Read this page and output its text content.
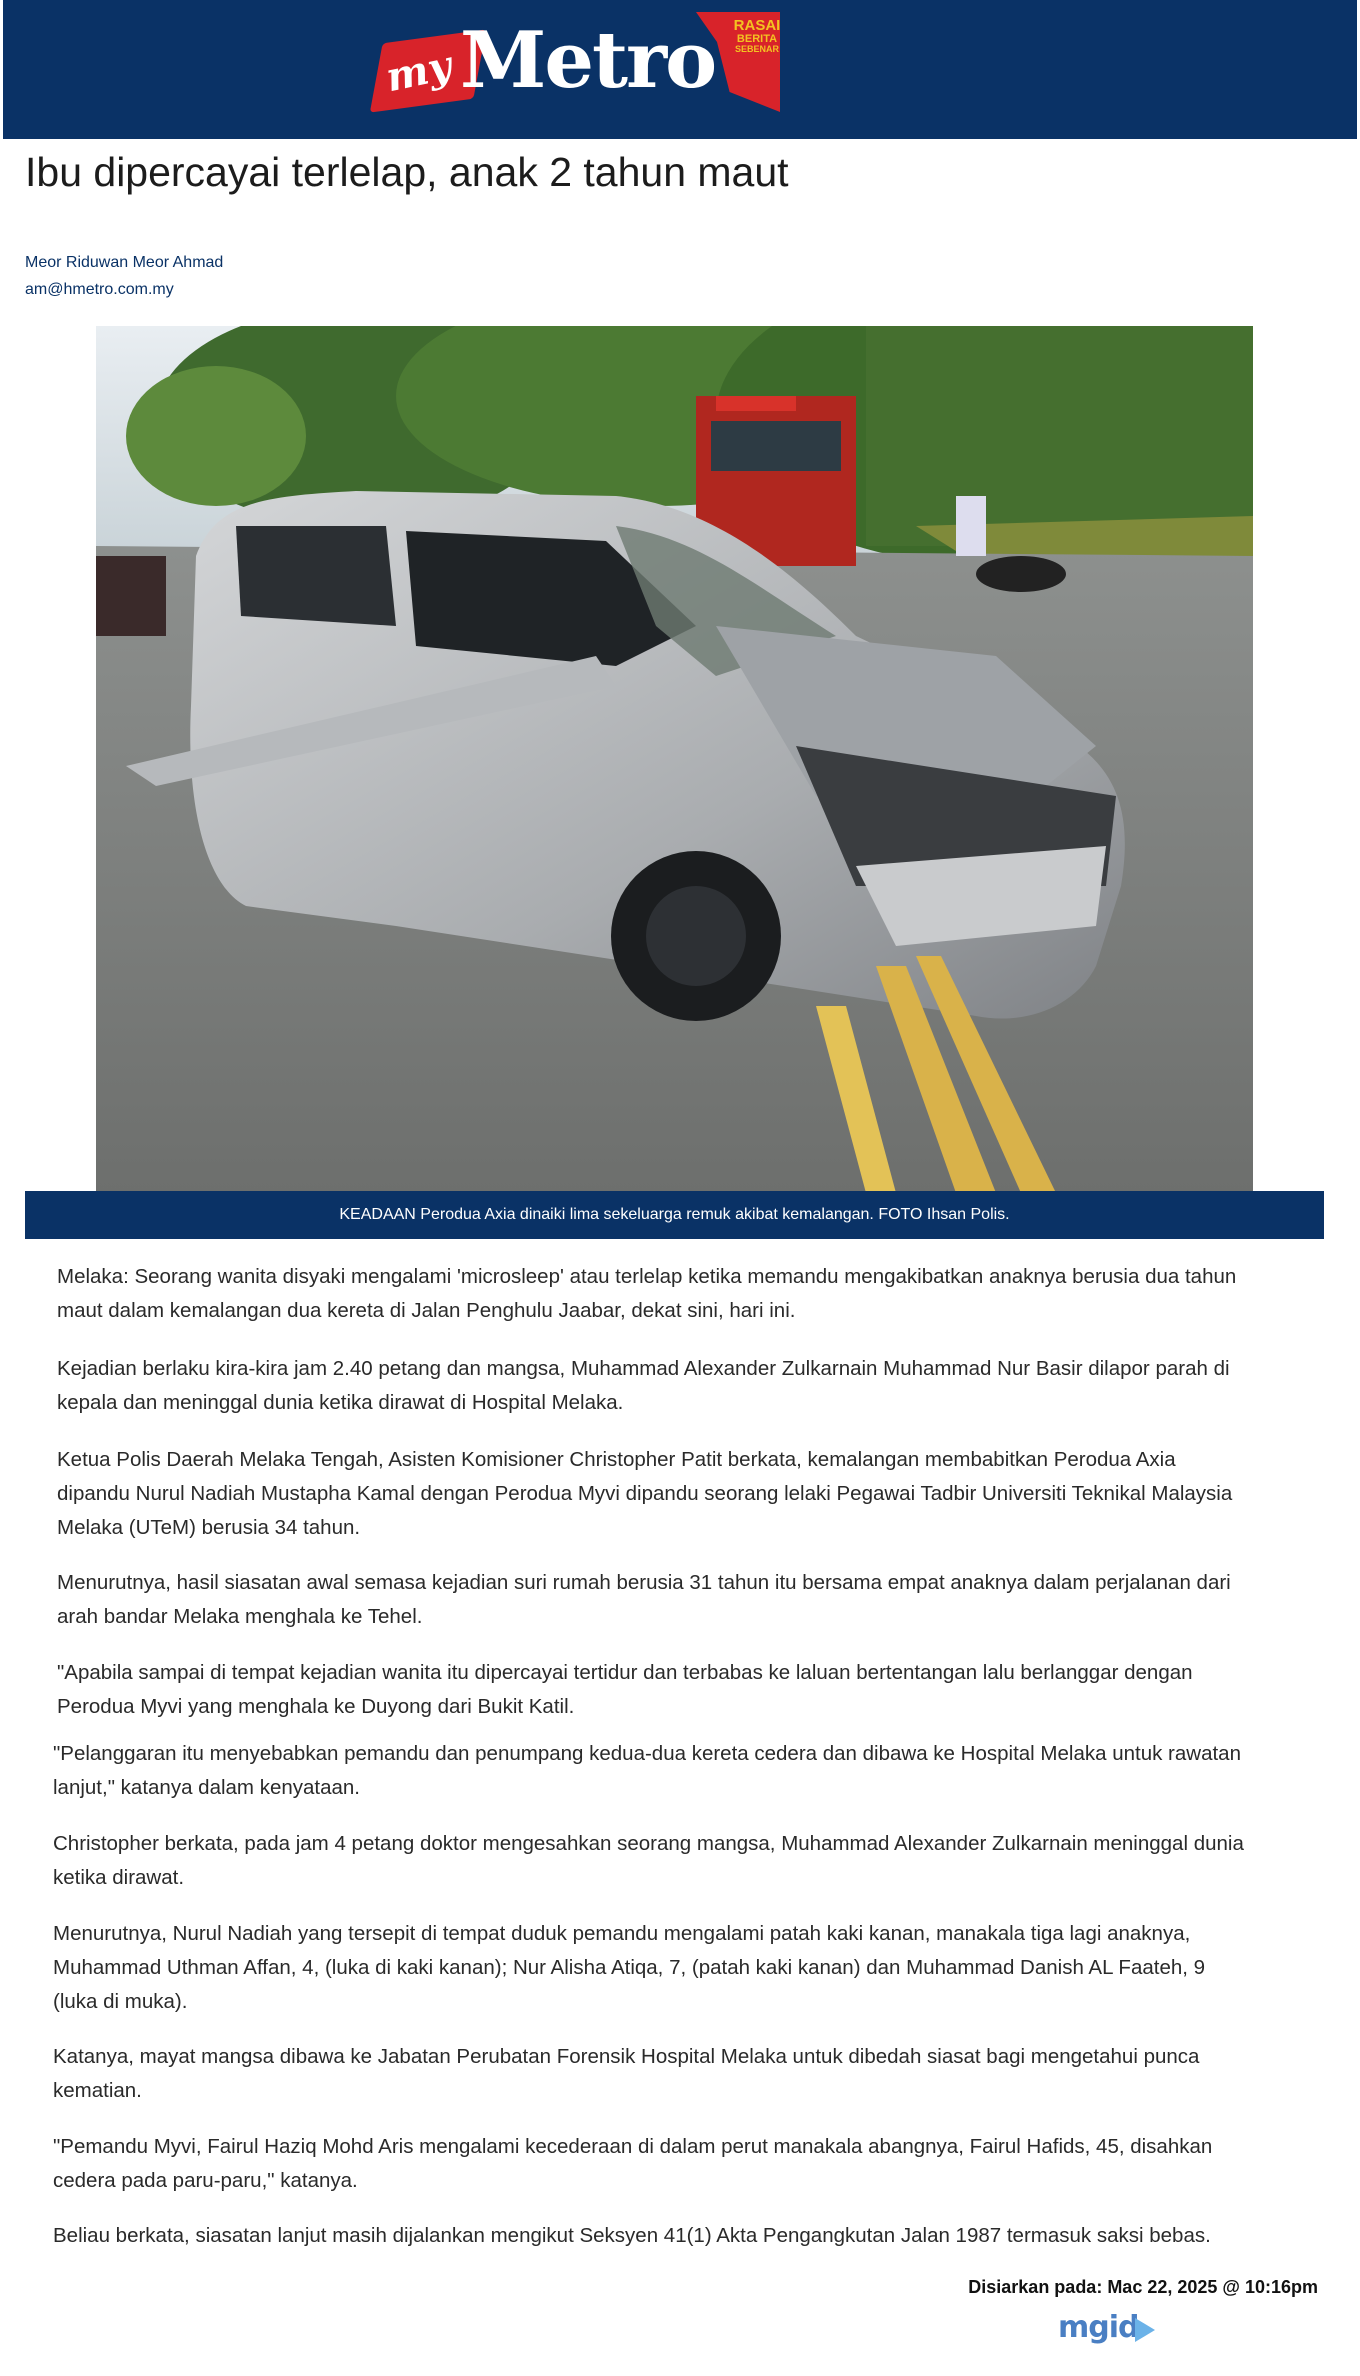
my Metro RASAI
BERITA
SEBENAR
Ibu dipercayai terlelap, anak 2 tahun maut
Meor Riduwan Meor Ahmad
am@hmetro.com.my
KEADAAN Perodua Axia dinaiki lima sekeluarga remuk akibat kemalangan. FOTO Ihsan Polis.

Melaka: Seorang wanita disyaki mengalami 'microsleep' atau terlelap ketika memandu mengakibatkan anaknya berusia dua tahun
maut dalam kemalangan dua kereta di Jalan Penghulu Jaabar, dekat sini, hari ini.

Kejadian berlaku kira-kira jam 2.40 petang dan mangsa, Muhammad Alexander Zulkarnain Muhammad Nur Basir dilapor parah di
kepala dan meninggal dunia ketika dirawat di Hospital Melaka.

Ketua Polis Daerah Melaka Tengah, Asisten Komisioner Christopher Patit berkata, kemalangan membabitkan Perodua Axia
dipandu Nurul Nadiah Mustapha Kamal dengan Perodua Myvi dipandu seorang lelaki Pegawai Tadbir Universiti Teknikal Malaysia
Melaka (UTeM) berusia 34 tahun.

Menurutnya, hasil siasatan awal semasa kejadian suri rumah berusia 31 tahun itu bersama empat anaknya dalam perjalanan dari
arah bandar Melaka menghala ke Tehel.

"Apabila sampai di tempat kejadian wanita itu dipercayai tertidur dan terbabas ke laluan bertentangan lalu berlanggar dengan
Perodua Myvi yang menghala ke Duyong dari Bukit Katil.

"Pelanggaran itu menyebabkan pemandu dan penumpang kedua-dua kereta cedera dan dibawa ke Hospital Melaka untuk rawatan
lanjut," katanya dalam kenyataan.

Christopher berkata, pada jam 4 petang doktor mengesahkan seorang mangsa, Muhammad Alexander Zulkarnain meninggal dunia
ketika dirawat.

Menurutnya, Nurul Nadiah yang tersepit di tempat duduk pemandu mengalami patah kaki kanan, manakala tiga lagi anaknya,
Muhammad Uthman Affan, 4, (luka di kaki kanan); Nur Alisha Atiqa, 7, (patah kaki kanan) dan Muhammad Danish AL Faateh, 9
(luka di muka).

Katanya, mayat mangsa dibawa ke Jabatan Perubatan Forensik Hospital Melaka untuk dibedah siasat bagi mengetahui punca
kematian.

"Pemandu Myvi, Fairul Haziq Mohd Aris mengalami kecederaan di dalam perut manakala abangnya, Fairul Hafids, 45, disahkan
cedera pada paru-paru," katanya.

Beliau berkata, siasatan lanjut masih dijalankan mengikut Seksyen 41(1) Akta Pengangkutan Jalan 1987 termasuk saksi bebas.

Disiarkan pada: Mac 22, 2025 @ 10:16pm
mgid
